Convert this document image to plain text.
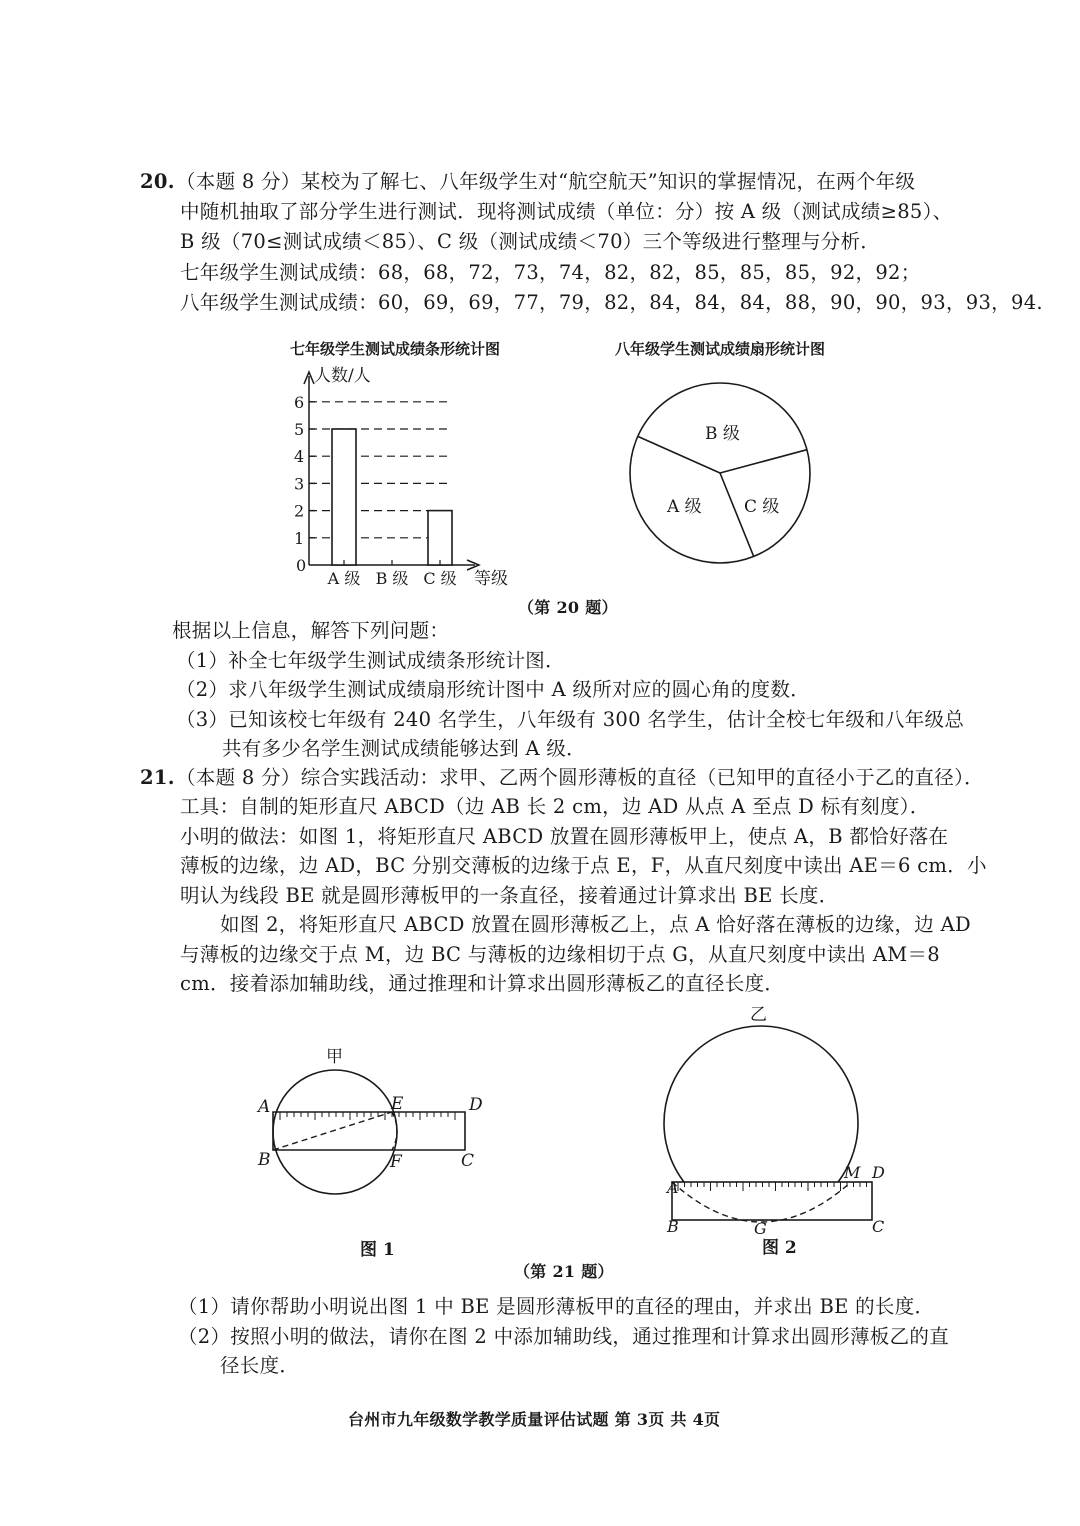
20. （本题 8 分）某校为了解七、八年级学生对“航空航天”知识的掌握情况，在两个年级
中随机抽取了部分学生进行测试．现将测试成绩（单位：分）按 A 级（测试成绩≥85）、
B 级（70≤测试成绩＜85）、C 级（测试成绩＜70）三个等级进行整理与分析．
七年级学生测试成绩：68，68，72，73，74，82，82，85，85，85，92，92；
八年级学生测试成绩：60，69，69，77，79，82，84，84，84，88，90，90，93，93，94.
七年级学生测试成绩条形统计图
人数/人
0
1
2
3
4
5
6
A 级 B 级 C 级 等级
八年级学生测试成绩扇形统计图
B 级
A 级 C 级
（第 20 题）
根据以上信息，解答下列问题：
（1）补全七年级学生测试成绩条形统计图．
（2）求八年级学生测试成绩扇形统计图中 A 级所对应的圆心角的度数．
（3）已知该校七年级有 240 名学生，八年级有 300 名学生，估计全校七年级和八年级总
共有多少名学生测试成绩能够达到 A 级．
21. （本题 8 分）综合实践活动：求甲、乙两个圆形薄板的直径（已知甲的直径小于乙的直径）．
工具：自制的矩形直尺 ABCD（边 AB 长 2 cm，边 AD 从点 A 至点 D 标有刻度）．
小明的做法：如图 1，将矩形直尺 ABCD 放置在圆形薄板甲上，使点 A，B 都恰好落在
薄板的边缘，边 AD，BC 分别交薄板的边缘于点 E，F，从直尺刻度中读出 AE＝6 cm．小
明认为线段 BE 就是圆形薄板甲的一条直径，接着通过计算求出 BE 长度．
如图 2，将矩形直尺 ABCD 放置在圆形薄板乙上，点 A 恰好落在薄板的边缘，边 AD
与薄板的边缘交于点 M，边 BC 与薄板的边缘相切于点 G，从直尺刻度中读出 AM＝8
cm．接着添加辅助线，通过推理和计算求出圆形薄板乙的直径长度．
甲
A
B
E
F
D
C
图 1
乙
A
B	G
M D
C
图 2
（第 21 题）
（1）请你帮助小明说出图 1 中 BE 是圆形薄板甲的直径的理由，并求出 BE 的长度．
（2）按照小明的做法，请你在图 2 中添加辅助线，通过推理和计算求出圆形薄板乙的直
径长度．
台州市九年级数学教学质量评估试题 第 3页 共 4页
